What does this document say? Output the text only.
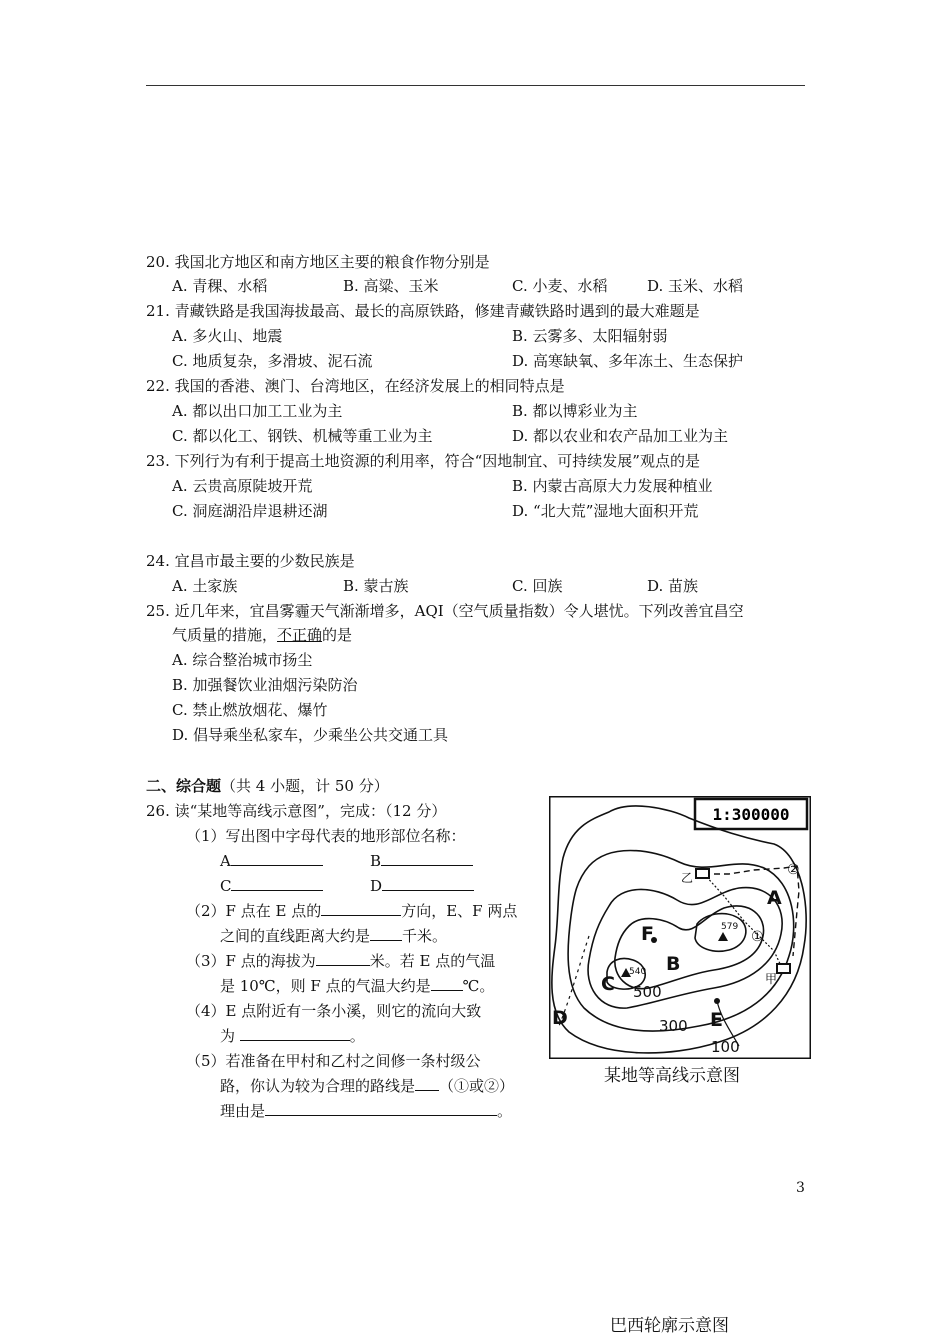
20. 我国北方地区和南方地区主要的粮食作物分别是
A. 青稞、水稻	B. 高粱、玉米	C. 小麦、水稻	D. 玉米、水稻
21. 青藏铁路是我国海拔最高、最长的高原铁路，修建青藏铁路时遇到的最大难题是
A. 多火山、地震	B. 云雾多、太阳辐射弱
C. 地质复杂，多滑坡、泥石流	D. 高寒缺氧、多年冻土、生态保护
22. 我国的香港、澳门、台湾地区，在经济发展上的相同特点是
A. 都以出口加工工业为主	B. 都以博彩业为主
C. 都以化工、钢铁、机械等重工业为主	D. 都以农业和农产品加工业为主
23. 下列行为有利于提高土地资源的利用率，符合“因地制宜、可持续发展”观点的是
A. 云贵高原陡坡开荒	B. 内蒙古高原大力发展种植业
C. 洞庭湖沿岸退耕还湖	D. “北大荒”湿地大面积开荒
24. 宜昌市最主要的少数民族是
A. 土家族	B. 蒙古族	C. 回族	D. 苗族
25. 近几年来，宜昌雾霾天气渐渐增多，AQI（空气质量指数）令人堪忧。下列改善宜昌空
气质量的措施，不正确的是
A. 综合整治城市扬尘
B. 加强餐饮业油烟污染防治
C. 禁止燃放烟花、爆竹
D. 倡导乘坐私家车，少乘坐公共交通工具
二、综合题（共 4 小题，计 50 分）
26. 读“某地等高线示意图”，完成：（12 分）
（1）写出图中字母代表的地形部位名称：
A	B
C	D
（2）F 点在 E 点的	方向，E、F 两点
之间的直线距离大约是 千米。
（3）F 点的海拔为	米。若 E 点的气温
是 10℃，则 F 点的气温大约是 ℃。
（4）E 点附近有一条小溪，则它的流向大致
为	。
（5）若准备在甲村和乙村之间修一条村级公
路，你认为较为合理的路线是 （①或②）
理由是	。
1:300000
A
B
C
D	E
F
乙
甲
①
②
579
540
500
300
100
某地等高线示意图
3
巴西轮廓示意图
